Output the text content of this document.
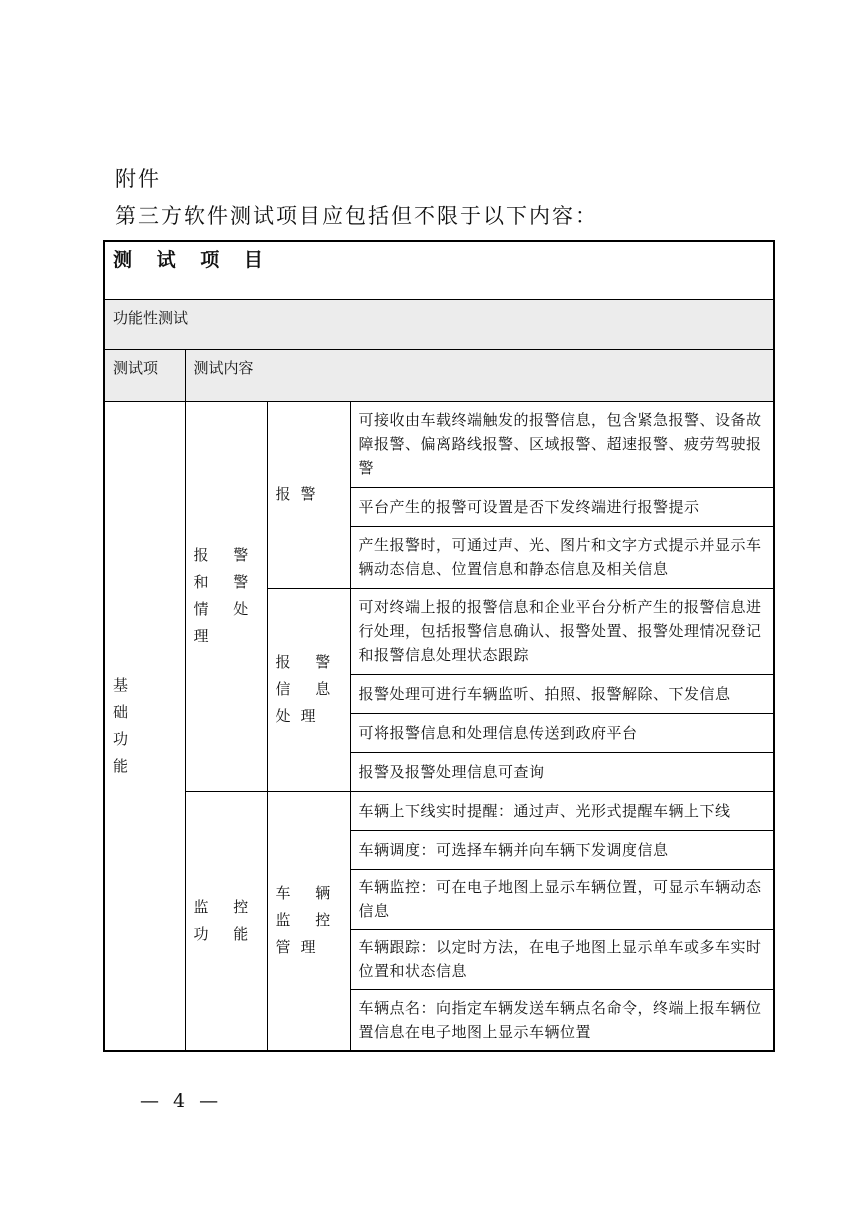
附件
第三方软件测试项目应包括但不限于以下内容：
测 试 项 目			
功能性测试			
测试项	测试内容		
基 础 功 能	报 警 和 警 情 处 理	报警	可接收由车载终端触发的报警信息，包含紧急报警、设备故障报警、偏离路线报警、区域报警、超速报警、疲劳驾驶报警
			平台产生的报警可设置是否下发终端进行报警提示
			产生报警时，可通过声、光、图片和文字方式提示并显示车辆动态信息、位置信息和静态信息及相关信息
		报 警 信 息处理	可对终端上报的报警信息和企业平台分析产生的报警信息进行处理，包括报警信息确认、报警处置、报警处理情况登记和报警信息处理状态跟踪
			报警处理可进行车辆监听、拍照、报警解除、下发信息
			可将报警信息和处理信息传送到政府平台
			报警及报警处理信息可查询
	监 控 功 能	车 辆 监 控管理	车辆上下线实时提醒：通过声、光形式提醒车辆上下线
			车辆调度：可选择车辆并向车辆下发调度信息
			车辆监控：可在电子地图上显示车辆位置，可显示车辆动态信息
			车辆跟踪：以定时方法，在电子地图上显示单车或多车实时位置和状态信息
			车辆点名：向指定车辆发送车辆点名命令，终端上报车辆位置信息在电子地图上显示车辆位置
— 4 —
